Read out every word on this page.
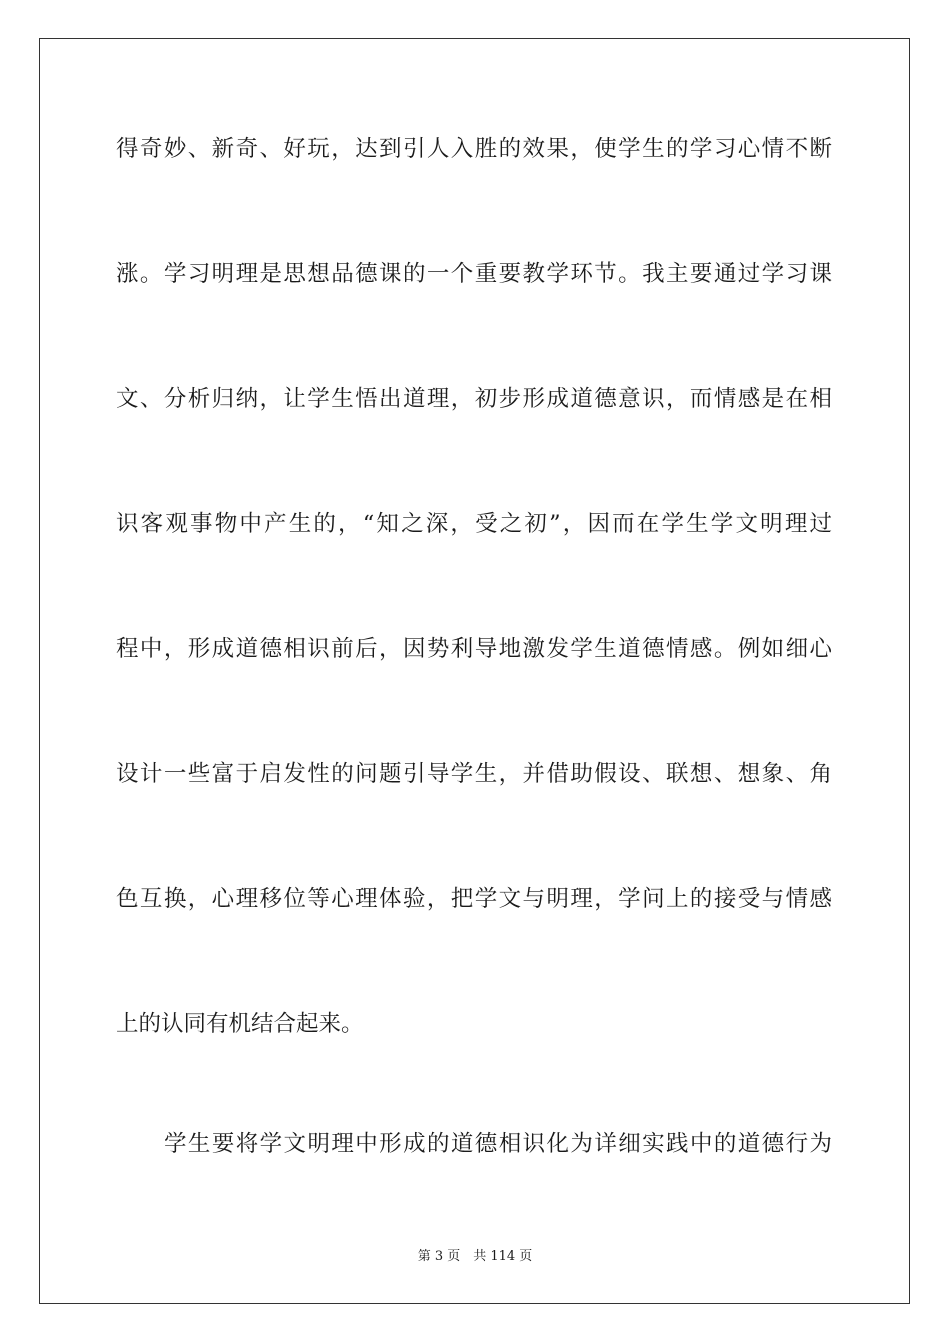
得奇妙、新奇、好玩，达到引人入胜的效果，使学生的学习心情不断
涨。学习明理是思想品德课的一个重要教学环节。我主要通过学习课
文、分析归纳，让学生悟出道理，初步形成道德意识，而情感是在相
识客观事物中产生的，“知之深，受之初”，因而在学生学文明理过
程中，形成道德相识前后，因势利导地激发学生道德情感。例如细心
设计一些富于启发性的问题引导学生，并借助假设、联想、想象、角
色互换，心理移位等心理体验，把学文与明理，学问上的接受与情感
上的认同有机结合起来。
学生要将学文明理中形成的道德相识化为详细实践中的道德行为
第 3 页　共 114 页
